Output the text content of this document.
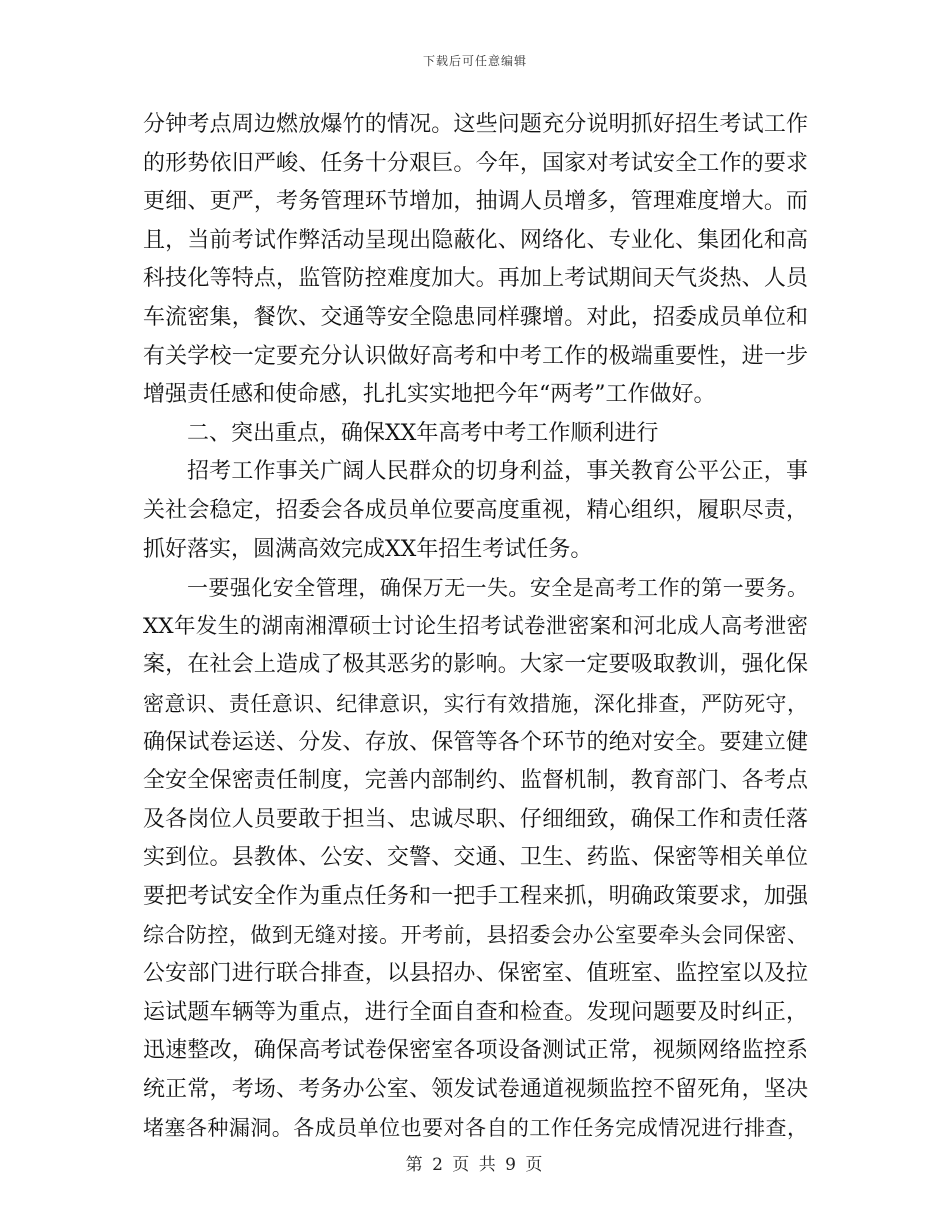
下载后可任意编辑
分钟考点周边燃放爆竹的情况。这些问题充分说明抓好招生考试工作
的形势依旧严峻、任务十分艰巨。今年，国家对考试安全工作的要求
更细、更严，考务管理环节增加，抽调人员增多，管理难度增大。而
且，当前考试作弊活动呈现出隐蔽化、网络化、专业化、集团化和高
科技化等特点，监管防控难度加大。再加上考试期间天气炎热、人员
车流密集，餐饮、交通等安全隐患同样骤增。对此，招委成员单位和
有关学校一定要充分认识做好高考和中考工作的极端重要性，进一步
增强责任感和使命感，扎扎实实地把今年“两考”工作做好。
二、突出重点，确保XX年高考中考工作顺利进行
招考工作事关广阔人民群众的切身利益，事关教育公平公正，事
关社会稳定，招委会各成员单位要高度重视，精心组织，履职尽责，
抓好落实，圆满高效完成XX年招生考试任务。
一要强化安全管理，确保万无一失。安全是高考工作的第一要务。
XX年发生的湖南湘潭硕士讨论生招考试卷泄密案和河北成人高考泄密
案，在社会上造成了极其恶劣的影响。大家一定要吸取教训，强化保
密意识、责任意识、纪律意识，实行有效措施，深化排查，严防死守，
确保试卷运送、分发、存放、保管等各个环节的绝对安全。要建立健
全安全保密责任制度，完善内部制约、监督机制，教育部门、各考点
及各岗位人员要敢于担当、忠诚尽职、仔细细致，确保工作和责任落
实到位。县教体、公安、交警、交通、卫生、药监、保密等相关单位
要把考试安全作为重点任务和一把手工程来抓，明确政策要求，加强
综合防控，做到无缝对接。开考前，县招委会办公室要牵头会同保密、
公安部门进行联合排查，以县招办、保密室、值班室、监控室以及拉
运试题车辆等为重点，进行全面自查和检查。发现问题要及时纠正，
迅速整改，确保高考试卷保密室各项设备测试正常，视频网络监控系
统正常，考场、考务办公室、领发试卷通道视频监控不留死角，坚决
堵塞各种漏洞。各成员单位也要对各自的工作任务完成情况进行排查，
第 2 页 共 9 页
